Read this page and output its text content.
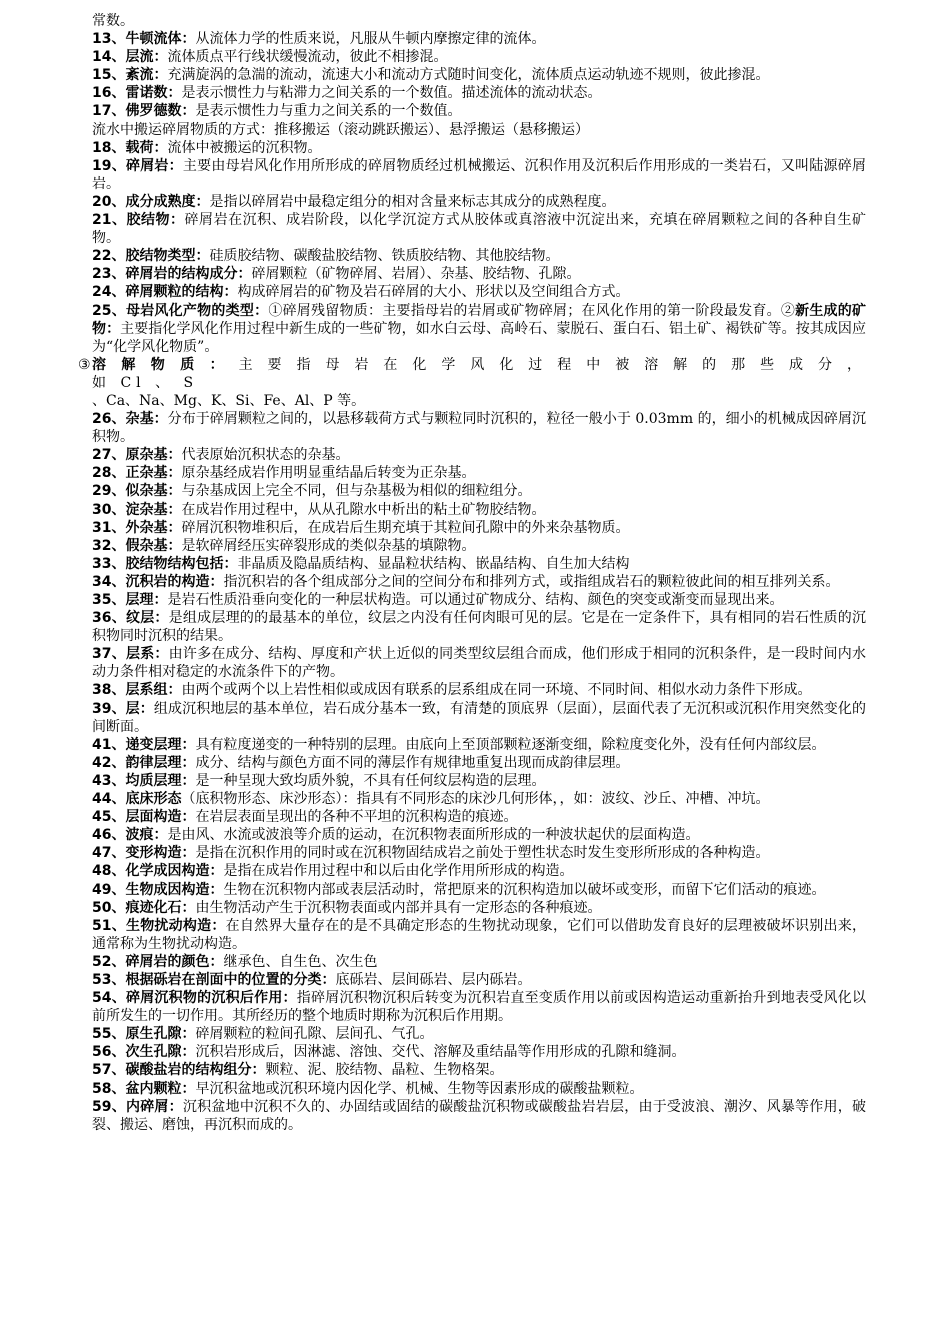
常数。

13、牛顿流体：从流体力学的性质来说，凡服从牛顿内摩擦定律的流体。

14、层流：流体质点平行线状缓慢流动，彼此不相掺混。

15、紊流：充满旋涡的急湍的流动，流速大小和流动方式随时间变化，流体质点运动轨迹不规则，彼此掺混。

16、雷诺数：是表示惯性力与粘滞力之间关系的一个数值。描述流体的流动状态。

17、佛罗德数：是表示惯性力与重力之间关系的一个数值。

流水中搬运碎屑物质的方式：推移搬运（滚动跳跃搬运）、悬浮搬运（悬移搬运）

18、载荷：流体中被搬运的沉积物。

19、碎屑岩：主要由母岩风化作用所形成的碎屑物质经过机械搬运、沉积作用及沉积后作用形成的一类岩石，又叫陆源碎屑岩。

20、成分成熟度：是指以碎屑岩中最稳定组分的相对含量来标志其成分的成熟程度。

21、胶结物：碎屑岩在沉积、成岩阶段，以化学沉淀方式从胶体或真溶液中沉淀出来，充填在碎屑颗粒之间的各种自生矿物。

22、胶结物类型：硅质胶结物、碳酸盐胶结物、铁质胶结物、其他胶结物。

23、碎屑岩的结构成分：碎屑颗粒（矿物碎屑、岩屑）、杂基、胶结物、孔隙。

24、碎屑颗粒的结构：构成碎屑岩的矿物及岩石碎屑的大小、形状以及空间组合方式。

25、母岩风化产物的类型：①碎屑残留物质：主要指母岩的岩屑或矿物碎屑；在风化作用的第一阶段最发育。②新生成的矿物：主要指化学风化作用过程中新生成的一些矿物，如水白云母、高岭石、蒙脱石、蛋白石、铝土矿、褐铁矿等。按其成因应为“化学风化物质”。

③ 溶 解 物 质 ： 主 要 指 母 岩 在 化 学 风 化 过 程 中 被 溶 解 的 那 些 成 分 ， 如 Cl 、 S
、Ca、Na、Mg、K、Si、Fe、Al、P 等。

26、杂基：分布于碎屑颗粒之间的，以悬移载荷方式与颗粒同时沉积的，粒径一般小于 0.03mm 的，细小的机械成因碎屑沉积物。

27、原杂基：代表原始沉积状态的杂基。

28、正杂基：原杂基经成岩作用明显重结晶后转变为正杂基。

29、似杂基：与杂基成因上完全不同，但与杂基极为相似的细粒组分。

30、淀杂基：在成岩作用过程中，从从孔隙水中析出的粘土矿物胶结物。

31、外杂基：碎屑沉积物堆积后，在成岩后生期充填于其粒间孔隙中的外来杂基物质。

32、假杂基：是软碎屑经压实碎裂形成的类似杂基的填隙物。

33、胶结物结构包括：非晶质及隐晶质结构、显晶粒状结构、嵌晶结构、自生加大结构

34、沉积岩的构造：指沉积岩的各个组成部分之间的空间分布和排列方式，或指组成岩石的颗粒彼此间的相互排列关系。

35、层理：是岩石性质沿垂向变化的一种层状构造。可以通过矿物成分、结构、颜色的突变或渐变而显现出来。

36、纹层：是组成层理的的最基本的单位，纹层之内没有任何肉眼可见的层。它是在一定条件下，具有相同的岩石性质的沉积物同时沉积的结果。

37、层系：由许多在成分、结构、厚度和产状上近似的同类型纹层组合而成，他们形成于相同的沉积条件，是一段时间内水动力条件相对稳定的水流条件下的产物。

38、层系组：由两个或两个以上岩性相似或成因有联系的层系组成在同一环境、不同时间、相似水动力条件下形成。

39、层：组成沉积地层的基本单位，岩石成分基本一致，有清楚的顶底界（层面），层面代表了无沉积或沉积作用突然变化的间断面。

41、递变层理：具有粒度递变的一种特别的层理。由底向上至顶部颗粒逐渐变细，除粒度变化外，没有任何内部纹层。

42、韵律层理：成分、结构与颜色方面不同的薄层作有规律地重复出现而成韵律层理。

43、均质层理：是一种呈现大致均质外貌，不具有任何纹层构造的层理。

44、底床形态（底积物形态、床沙形态）：指具有不同形态的床沙几何形体，，如：波纹、沙丘、冲槽、冲坑。

45、层面构造：在岩层表面呈现出的各种不平坦的沉积构造的痕迹。

46、波痕：是由风、水流或波浪等介质的运动，在沉积物表面所形成的一种波状起伏的层面构造。

47、变形构造：是指在沉积作用的同时或在沉积物固结成岩之前处于塑性状态时发生变形所形成的各种构造。

48、化学成因构造：是指在成岩作用过程中和以后由化学作用所形成的构造。

49、生物成因构造：生物在沉积物内部或表层活动时，常把原来的沉积构造加以破坏或变形，而留下它们活动的痕迹。

50、痕迹化石：由生物活动产生于沉积物表面或内部并具有一定形态的各种痕迹。

51、生物扰动构造：在自然界大量存在的是不具确定形态的生物扰动现象，它们可以借助发育良好的层理被破坏识别出来，通常称为生物扰动构造。

52、碎屑岩的颜色：继承色、自生色、次生色

53、根据砾岩在剖面中的位置的分类：底砾岩、层间砾岩、层内砾岩。

54、碎屑沉积物的沉积后作用：指碎屑沉积物沉积后转变为沉积岩直至变质作用以前或因构造运动重新抬升到地表受风化以前所发生的一切作用。其所经历的整个地质时期称为沉积后作用期。

55、原生孔隙：碎屑颗粒的粒间孔隙、层间孔、气孔。

56、次生孔隙：沉积岩形成后，因淋滤、溶蚀、交代、溶解及重结晶等作用形成的孔隙和缝洞。

57、碳酸盐岩的结构组分：颗粒、泥、胶结物、晶粒、生物格架。

58、盆内颗粒：早沉积盆地或沉积环境内因化学、机械、生物等因素形成的碳酸盐颗粒。

59、内碎屑：沉积盆地中沉积不久的、办固结或固结的碳酸盐沉积物或碳酸盐岩岩层，由于受波浪、潮汐、风暴等作用，破裂、搬运、磨蚀，再沉积而成的。
